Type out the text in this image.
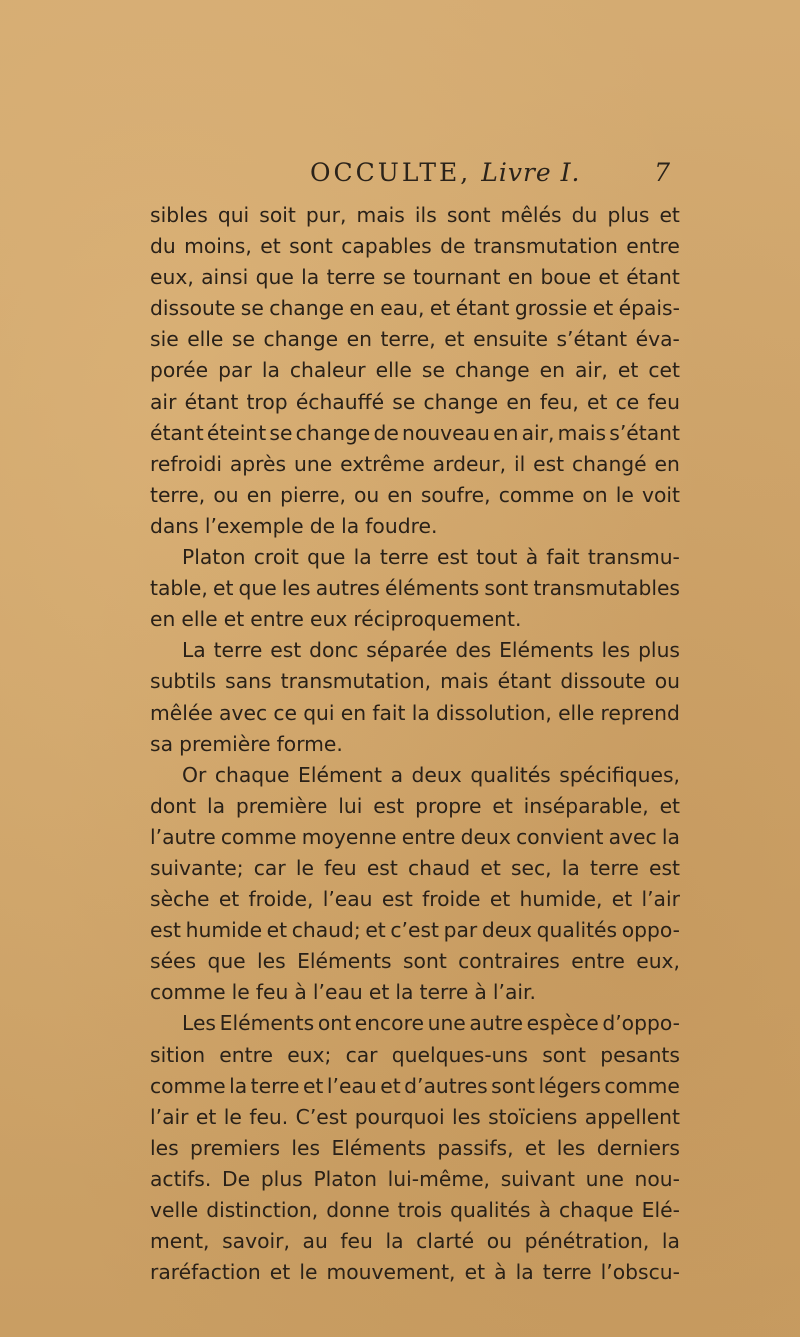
OCCULTE, Livre I.	7
sibles qui soit pur, mais ils sont mêlés du plus et
du moins, et sont capables de transmutation entre
eux, ainsi que la terre se tournant en boue et étant
dissoute se change en eau, et étant grossie et épais-
sie elle se change en terre, et ensuite s’étant éva-
porée par la chaleur elle se change en air, et cet
air étant trop échauffé se change en feu, et ce feu
étant éteint se change de nouveau en air, mais s’étant
refroidi après une extrême ardeur, il est changé en
terre, ou en pierre, ou en soufre, comme on le voit
dans l’exemple de la foudre.
Platon croit que la terre est tout à fait transmu-
table, et que les autres éléments sont transmutables
en elle et entre eux réciproquement.
La terre est donc séparée des Eléments les plus
subtils sans transmutation, mais étant dissoute ou
mêlée avec ce qui en fait la dissolution, elle reprend
sa première forme.
Or chaque Elément a deux qualités spécifiques,
dont la première lui est propre et inséparable, et
l’autre comme moyenne entre deux convient avec la
suivante; car le feu est chaud et sec, la terre est
sèche et froide, l’eau est froide et humide, et l’air
est humide et chaud; et c’est par deux qualités oppo-
sées que les Eléments sont contraires entre eux,
comme le feu à l’eau et la terre à l’air.
Les Eléments ont encore une autre espèce d’oppo-
sition entre eux; car quelques-uns sont pesants
comme la terre et l’eau et d’autres sont légers comme
l’air et le feu. C’est pourquoi les stoïciens appellent
les premiers les Eléments passifs, et les derniers
actifs. De plus Platon lui-même, suivant une nou-
velle distinction, donne trois qualités à chaque Elé-
ment, savoir, au feu la clarté ou pénétration, la
raréfaction et le mouvement, et à la terre l’obscu-
